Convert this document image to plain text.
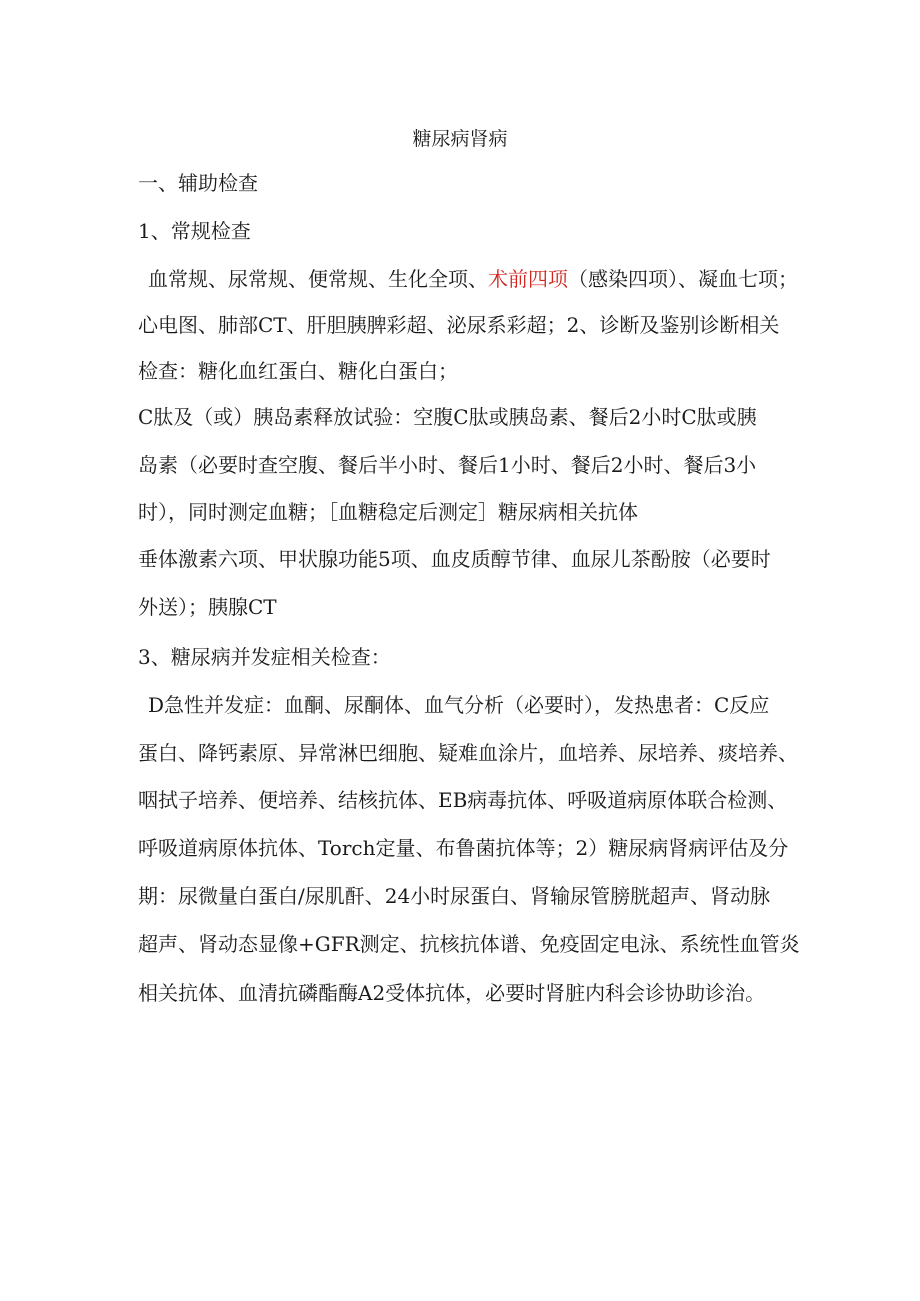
糖尿病肾病
一、辅助检查
1、常规检查
血常规、尿常规、便常规、生化全项、术前四项（感染四项）、凝血七项；
心电图、肺部CT、肝胆胰脾彩超、泌尿系彩超；2、诊断及鉴别诊断相关
检查：糖化血红蛋白、糖化白蛋白；
C肽及（或）胰岛素释放试验：空腹C肽或胰岛素、餐后2小时C肽或胰
岛素（必要时查空腹、餐后半小时、餐后1小时、餐后2小时、餐后3小
时），同时测定血糖；［血糖稳定后测定］糖尿病相关抗体
垂体激素六项、甲状腺功能5项、血皮质醇节律、血尿儿茶酚胺（必要时
外送）；胰腺CT
3、糖尿病并发症相关检查：
D急性并发症：血酮、尿酮体、血气分析（必要时），发热患者：C反应
蛋白、降钙素原、异常淋巴细胞、疑难血涂片，血培养、尿培养、痰培养、
咽拭子培养、便培养、结核抗体、EB病毒抗体、呼吸道病原体联合检测、
呼吸道病原体抗体、Torch定量、布鲁菌抗体等；2）糖尿病肾病评估及分
期：尿微量白蛋白/尿肌酐、24小时尿蛋白、肾输尿管膀胱超声、肾动脉
超声、肾动态显像+GFR测定、抗核抗体谱、免疫固定电泳、系统性血管炎
相关抗体、血清抗磷酯酶A2受体抗体，必要时肾脏内科会诊协助诊治。
